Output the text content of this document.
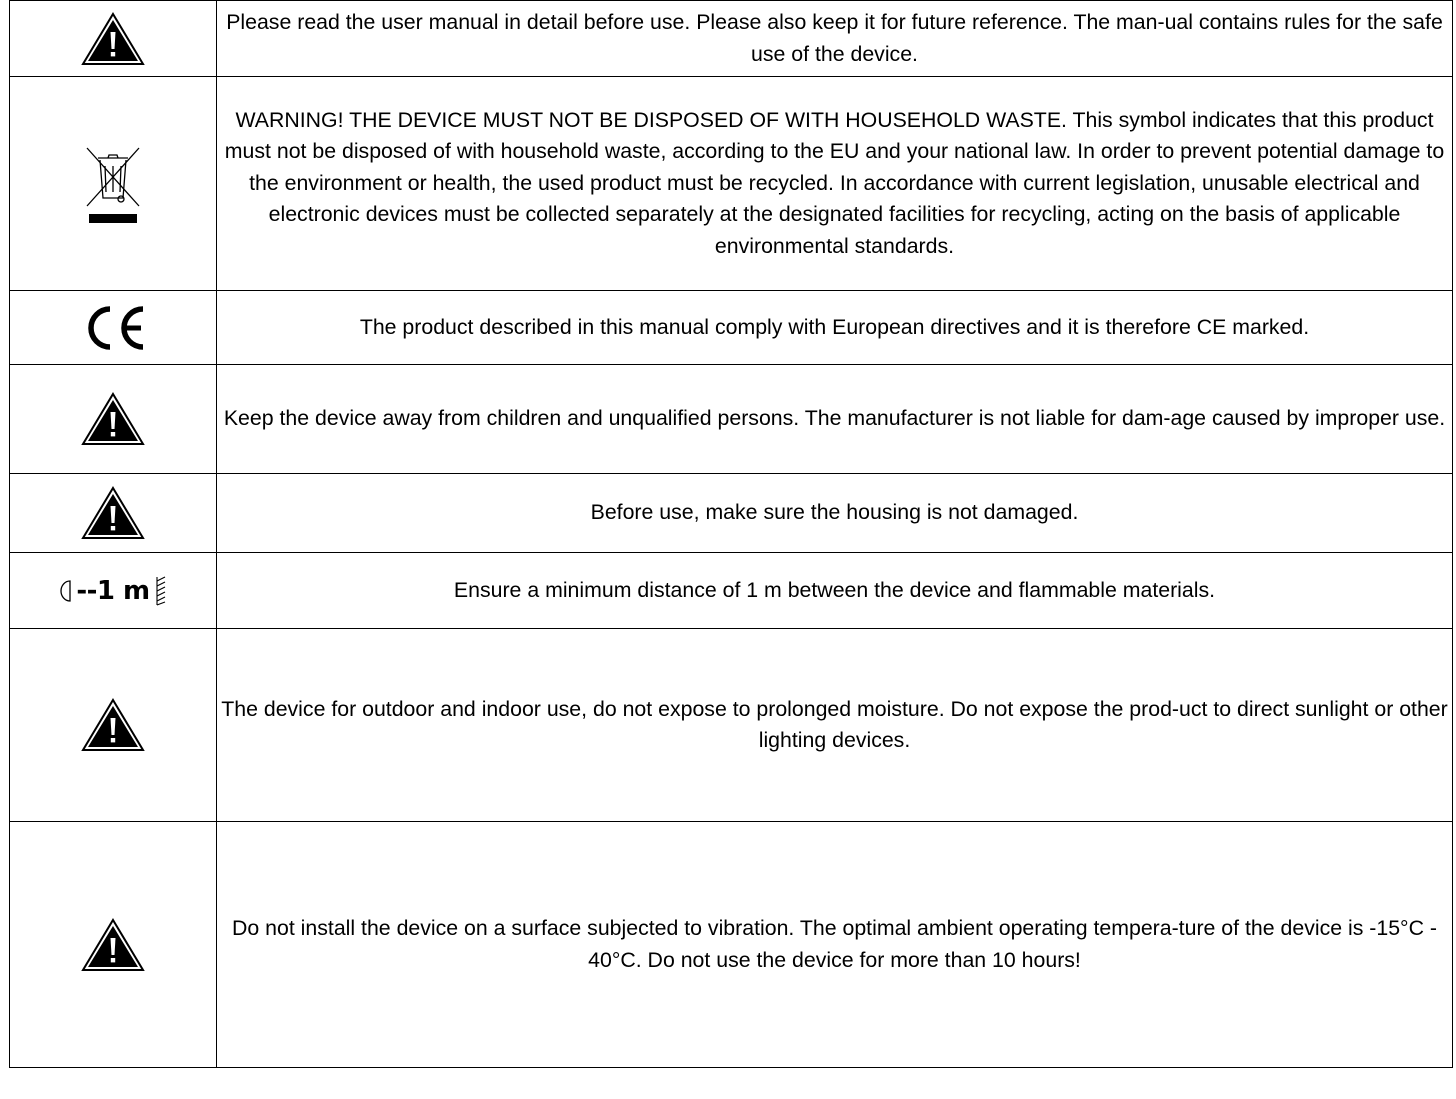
	Please read the user manual in detail before use. Please also keep it for future reference. The man-ual contains rules for the safe use of the device.

	WARNING! THE DEVICE MUST NOT BE DISPOSED OF WITH HOUSEHOLD WASTE. This symbol indicates that this product must not be disposed of with household waste, according to the EU and your national law. In order to prevent potential damage to the environment or health, the used product must be recycled. In accordance with current legislation, unusable electrical and electronic devices must be collected separately at the designated facilities for recycling, acting on the basis of applicable environmental standards.

	The product described in this manual comply with European directives and it is therefore CE marked.

	Keep the device away from children and unqualified persons. The manufacturer is not liable for dam-age caused by improper use.

	Before use, make sure the housing is not damaged.

--1 m	Ensure a minimum distance of 1 m between the device and flammable materials.

	The device for outdoor and indoor use, do not expose to prolonged moisture. Do not expose the prod-uct to direct sunlight or other lighting devices.

	Do not install the device on a surface subjected to vibration. The optimal ambient operating tempera-ture of the device is -15°C - 40°C. Do not use the device for more than 10 hours!
